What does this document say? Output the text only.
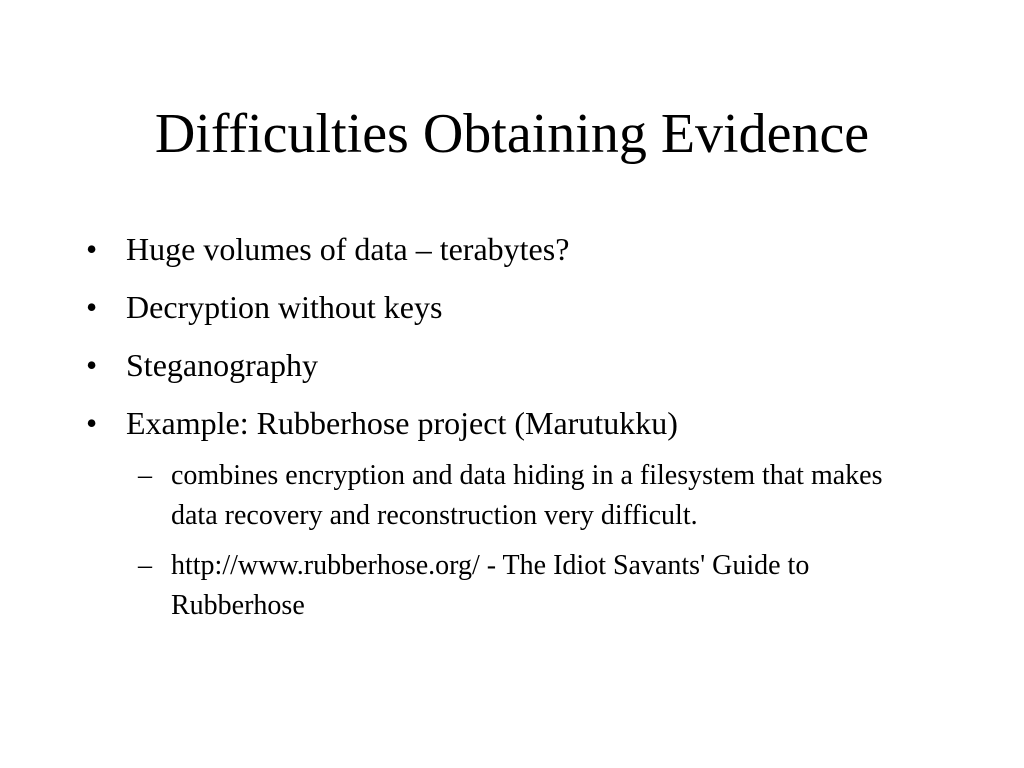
Difficulties Obtaining Evidence
• Huge volumes of data – terabytes?
• Decryption without keys
• Steganography
• Example: Rubberhose project (Marutukku)
– combines encryption and data hiding in a filesystem that makes data recovery and reconstruction very difficult.
– http://www.rubberhose.org/ - The Idiot Savants' Guide to Rubberhose
